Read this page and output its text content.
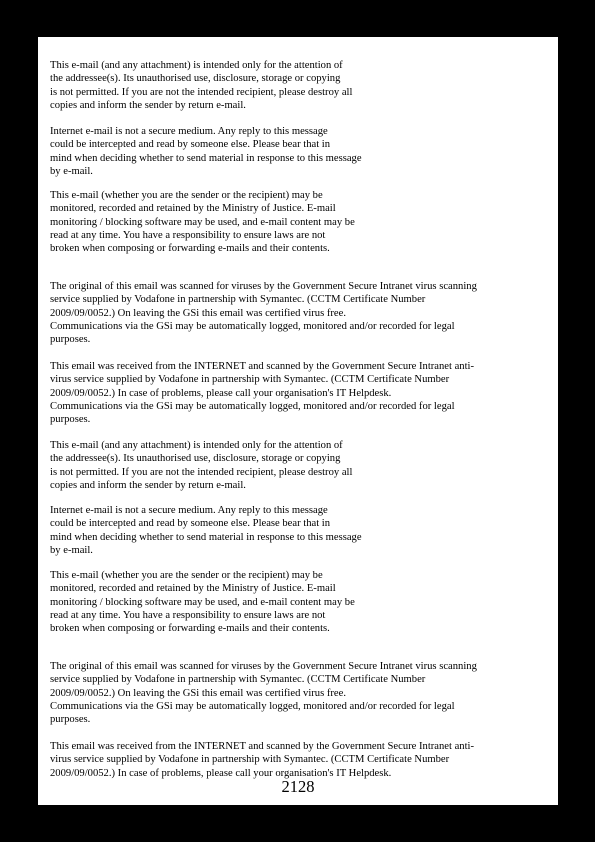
This e-mail (and any attachment) is intended only for the attention of
the addressee(s). Its unauthorised use, disclosure, storage or copying
is not permitted. If you are not the intended recipient, please destroy all
copies and inform the sender by return e-mail.

Internet e-mail is not a secure medium. Any reply to this message
could be intercepted and read by someone else. Please bear that in
mind when deciding whether to send material in response to this message
by e-mail.

This e-mail (whether you are the sender or the recipient) may be
monitored, recorded and retained by the Ministry of Justice. E-mail
monitoring / blocking software may be used, and e-mail content may be
read at any time. You have a responsibility to ensure laws are not
broken when composing or forwarding e-mails and their contents.

The original of this email was scanned for viruses by the Government Secure Intranet virus scanning
service supplied by Vodafone in partnership with Symantec. (CCTM Certificate Number
2009/09/0052.) On leaving the GSi this email was certified virus free.
Communications via the GSi may be automatically logged, monitored and/or recorded for legal
purposes.

This email was received from the INTERNET and scanned by the Government Secure Intranet anti-
virus service supplied by Vodafone in partnership with Symantec. (CCTM Certificate Number
2009/09/0052.) In case of problems, please call your organisation's IT Helpdesk.
Communications via the GSi may be automatically logged, monitored and/or recorded for legal
purposes.

This e-mail (and any attachment) is intended only for the attention of
the addressee(s). Its unauthorised use, disclosure, storage or copying
is not permitted. If you are not the intended recipient, please destroy all
copies and inform the sender by return e-mail.

Internet e-mail is not a secure medium. Any reply to this message
could be intercepted and read by someone else. Please bear that in
mind when deciding whether to send material in response to this message
by e-mail.

This e-mail (whether you are the sender or the recipient) may be
monitored, recorded and retained by the Ministry of Justice. E-mail
monitoring / blocking software may be used, and e-mail content may be
read at any time. You have a responsibility to ensure laws are not
broken when composing or forwarding e-mails and their contents.

The original of this email was scanned for viruses by the Government Secure Intranet virus scanning
service supplied by Vodafone in partnership with Symantec. (CCTM Certificate Number
2009/09/0052.) On leaving the GSi this email was certified virus free.
Communications via the GSi may be automatically logged, monitored and/or recorded for legal
purposes.

This email was received from the INTERNET and scanned by the Government Secure Intranet anti-
virus service supplied by Vodafone in partnership with Symantec. (CCTM Certificate Number
2009/09/0052.) In case of problems, please call your organisation's IT Helpdesk.

2128
